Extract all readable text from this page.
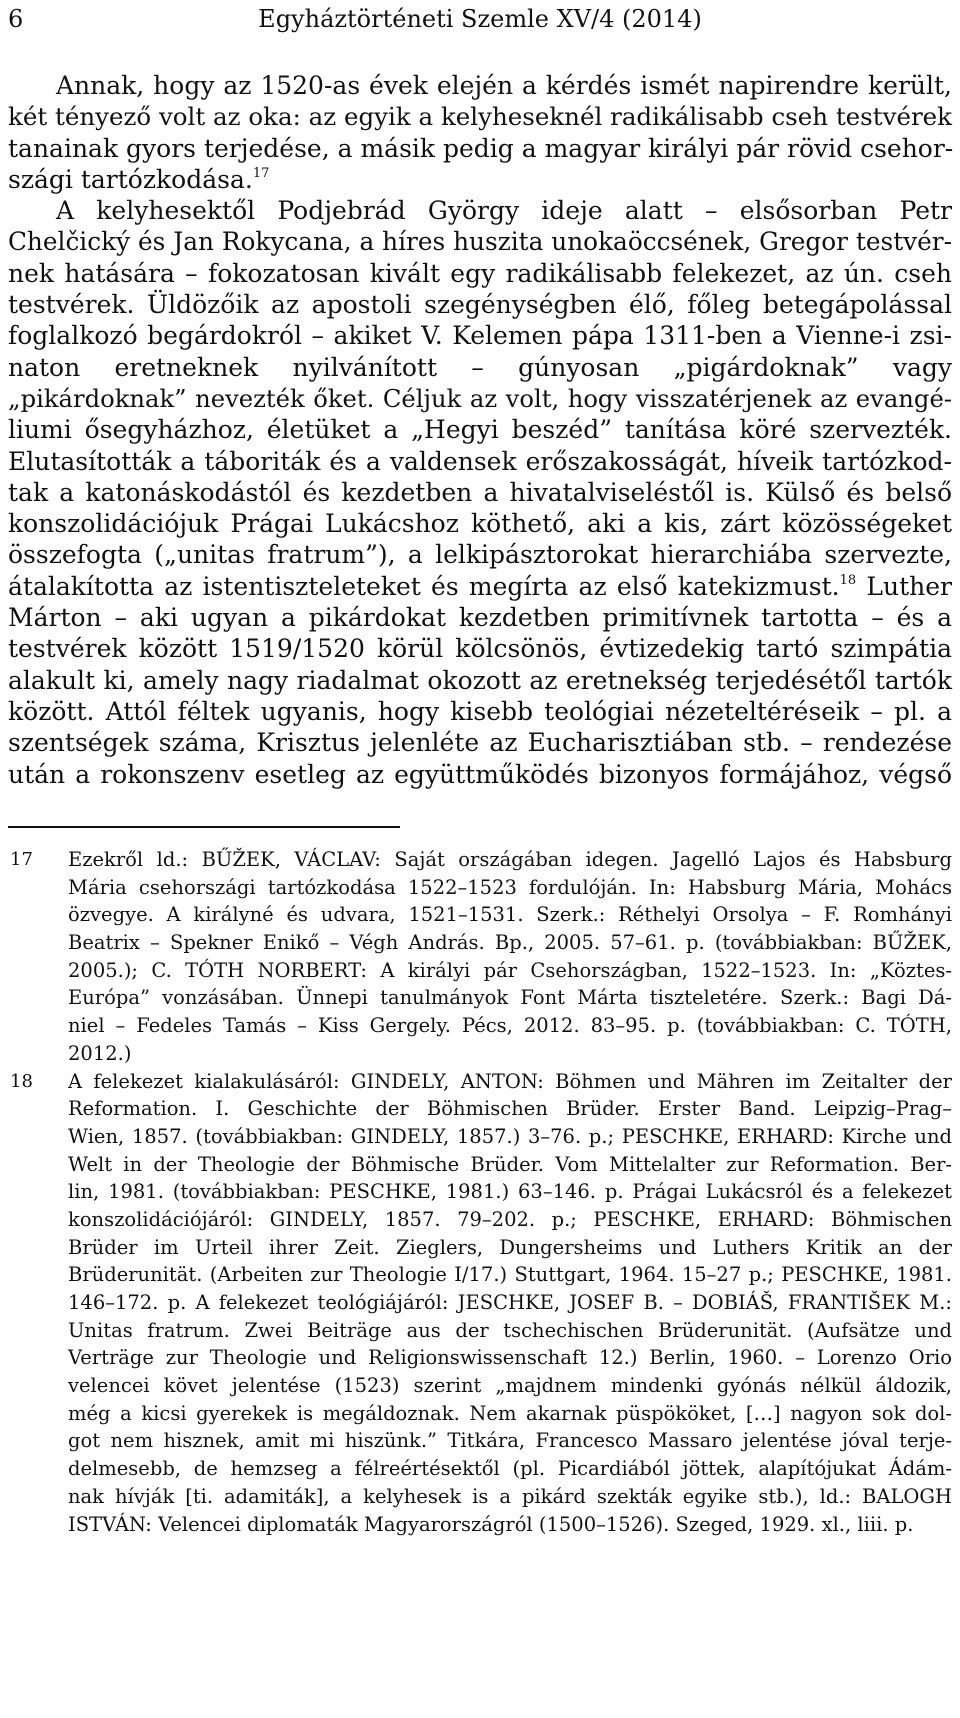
6	Egyháztörténeti Szemle XV/4 (2014)
Annak, hogy az 1520-as évek elején a kérdés ismét napirendre került,
két tényező volt az oka: az egyik a kelyheseknél radikálisabb cseh testvérek
tanainak gyors terjedése, a másik pedig a magyar királyi pár rövid csehor-
szági tartózkodása.$^{17}$
A kelyhesektől Podjebrád György ideje alatt – elsősorban Petr
Chelčický és Jan Rokycana, a híres huszita unokaöccsének, Gregor testvér-
nek hatására – fokozatosan kivált egy radikálisabb felekezet, az ún. cseh
testvérek. Üldözőik az apostoli szegénységben élő, főleg betegápolással
foglalkozó begárdokról – akiket V. Kelemen pápa 1311-ben a Vienne-i zsi-
naton eretneknek nyilvánított – gúnyosan „pigárdoknak” vagy
„pikárdoknak” nevezték őket. Céljuk az volt, hogy visszatérjenek az evangé-
liumi ősegyházhoz, életüket a „Hegyi beszéd” tanítása köré szervezték.
Elutasították a táboriták és a valdensek erőszakosságát, híveik tartózkod-
tak a katonáskodástól és kezdetben a hivatalviseléstől is. Külső és belső
konszolidációjuk Prágai Lukácshoz köthető, aki a kis, zárt közösségeket
összefogta („unitas fratrum”), a lelkipásztorokat hierarchiába szervezte,
átalakította az istentiszteleteket és megírta az első katekizmust.$^{18}$ Luther
Márton – aki ugyan a pikárdokat kezdetben primitívnek tartotta – és a
testvérek között 1519/1520 körül kölcsönös, évtizedekig tartó szimpátia
alakult ki, amely nagy riadalmat okozott az eretnekség terjedésétől tartók
között. Attól féltek ugyanis, hogy kisebb teológiai nézeteltéréseik – pl. a
szentségek száma, Krisztus jelenléte az Eucharisztiában stb. – rendezése
után a rokonszenv esetleg az együttműködés bizonyos formájához, végső
17 Ezekről ld.: BŰŽEK, VÁCLAV: Saját országában idegen. Jagelló Lajos és Habsburg
Mária csehországi tartózkodása 1522–1523 fordulóján. In: Habsburg Mária, Mohács
özvegye. A királyné és udvara, 1521–1531. Szerk.: Réthelyi Orsolya – F. Romhányi
Beatrix – Spekner Enikő – Végh András. Bp., 2005. 57–61. p. (továbbiakban: BŰŽEK,
2005.); C. TÓTH NORBERT: A királyi pár Csehországban, 1522–1523. In: „Köztes-
Európa” vonzásában. Ünnepi tanulmányok Font Márta tiszteletére. Szerk.: Bagi Dá-
niel – Fedeles Tamás – Kiss Gergely. Pécs, 2012. 83–95. p. (továbbiakban: C. TÓTH,
2012.)
18 A felekezet kialakulásáról: GINDELY, ANTON: Böhmen und Mähren im Zeitalter der
Reformation. I. Geschichte der Böhmischen Brüder. Erster Band. Leipzig–Prag–
Wien, 1857. (továbbiakban: GINDELY, 1857.) 3–76. p.; PESCHKE, ERHARD: Kirche und
Welt in der Theologie der Böhmische Brüder. Vom Mittelalter zur Reformation. Ber-
lin, 1981. (továbbiakban: PESCHKE, 1981.) 63–146. p. Prágai Lukácsról és a felekezet
konszolidációjáról: GINDELY, 1857. 79–202. p.; PESCHKE, ERHARD: Böhmischen
Brüder im Urteil ihrer Zeit. Zieglers, Dungersheims und Luthers Kritik an der
Brüderunität. (Arbeiten zur Theologie I/17.) Stuttgart, 1964. 15–27 p.; PESCHKE, 1981.
146–172. p. A felekezet teológiájáról: JESCHKE, JOSEF B. – DOBIÁŠ, FRANTIŠEK M.:
Unitas fratrum. Zwei Beiträge aus der tschechischen Brüderunität. (Aufsätze und
Verträge zur Theologie und Religionswissenschaft 12.) Berlin, 1960. – Lorenzo Orio
velencei követ jelentése (1523) szerint „majdnem mindenki gyónás nélkül áldozik,
még a kicsi gyerekek is megáldoznak. Nem akarnak püspököket, […] nagyon sok dol-
got nem hisznek, amit mi hiszünk.” Titkára, Francesco Massaro jelentése jóval terje-
delmesebb, de hemzseg a félreértésektől (pl. Picardiából jöttek, alapítójukat Ádám-
nak hívják [ti. adamiták], a kelyhesek is a pikárd szekták egyike stb.), ld.: BALOGH
ISTVÁN: Velencei diplomaták Magyarországról (1500–1526). Szeged, 1929. xl., liii. p.
